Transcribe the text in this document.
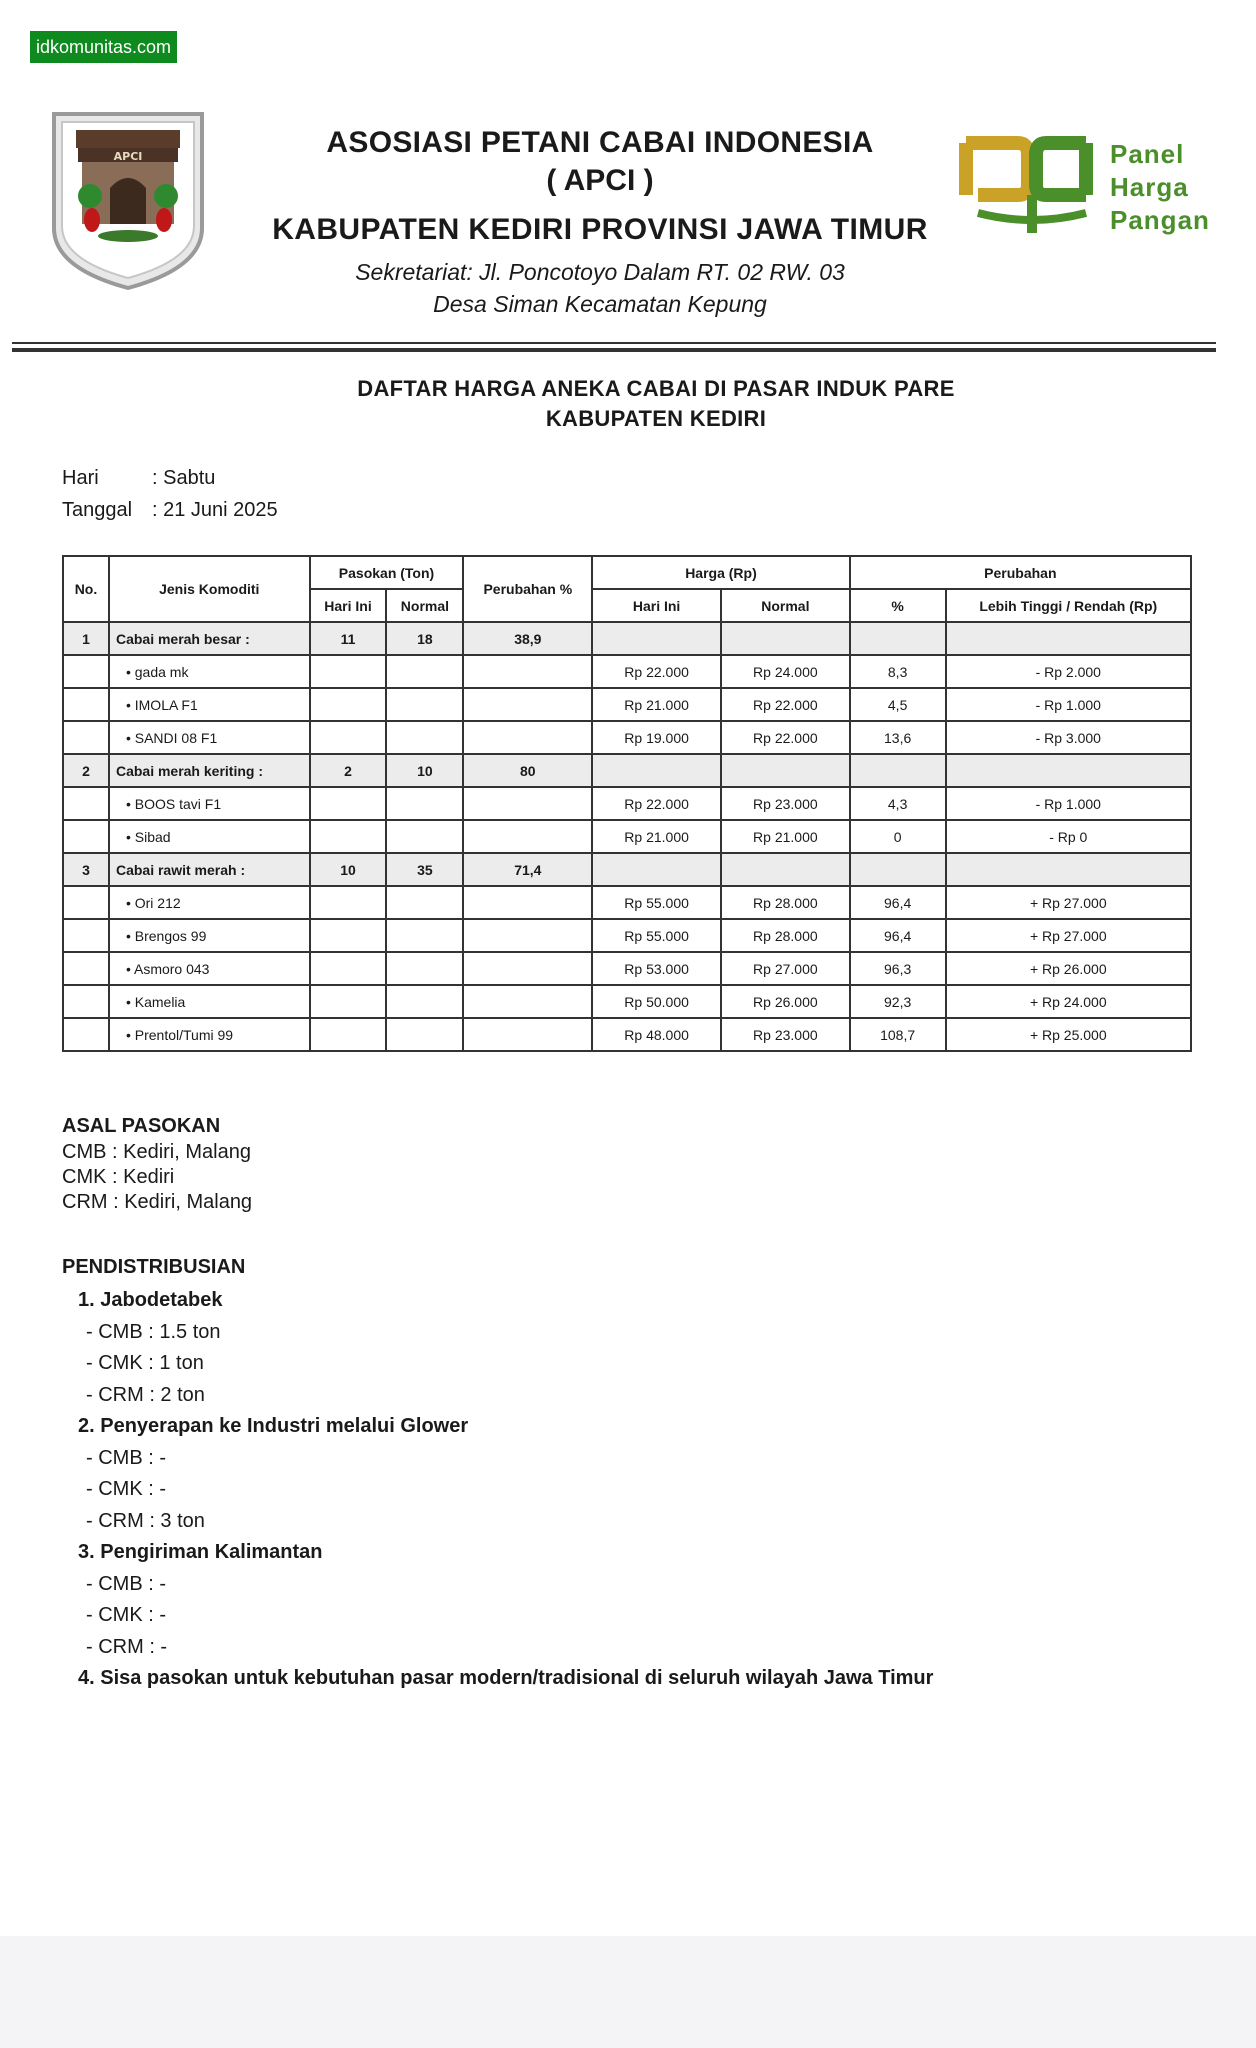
idkomunitas.com
APCI	ASOSIASI PETANI CABAI INDONESIA
( APCI )
KABUPATEN KEDIRI PROVINSI JAWA TIMUR
Sekretariat: Jl. Poncotoyo Dalam RT. 02 RW. 03
Desa Siman Kecamatan Kepung
Panel
Harga
Pangan
DAFTAR HARGA ANEKA CABAI DI PASAR INDUK PARE
KABUPATEN KEDIRI
Hari	: Sabtu
Tanggal : 21 Juni 2025
No.	Jenis Komoditi	Pasokan (Ton)		Perubahan %	Harga (Rp)		Perubahan	
		Hari Ini	Normal		Hari Ini	Normal	%	Lebih Tinggi / Rendah (Rp)
1	Cabai merah besar :	11	18	38,9				
	• gada mk				Rp 22.000	Rp 24.000	8,3	- Rp 2.000
	• IMOLA F1				Rp 21.000	Rp 22.000	4,5	- Rp 1.000
	• SANDI 08 F1				Rp 19.000	Rp 22.000	13,6	- Rp 3.000
2	Cabai merah keriting :	2	10	80				
	• BOOS tavi F1				Rp 22.000	Rp 23.000	4,3	- Rp 1.000
	• Sibad				Rp 21.000	Rp 21.000	0	- Rp 0
3	Cabai rawit merah :	10	35	71,4				
	• Ori 212				Rp 55.000	Rp 28.000	96,4	+ Rp 27.000
	• Brengos 99				Rp 55.000	Rp 28.000	96,4	+ Rp 27.000
	• Asmoro 043				Rp 53.000	Rp 27.000	96,3	+ Rp 26.000
	• Kamelia				Rp 50.000	Rp 26.000	92,3	+ Rp 24.000
	• Prentol/Tumi 99				Rp 48.000	Rp 23.000	108,7	+ Rp 25.000
ASAL PASOKAN
CMB : Kediri, Malang
CMK : Kediri
CRM : Kediri, Malang
PENDISTRIBUSIAN
1. Jabodetabek
- CMB : 1.5 ton
- CMK : 1 ton
- CRM : 2 ton
2. Penyerapan ke Industri melalui Glower
- CMB : -
- CMK : -
- CRM : 3 ton
3. Pengiriman Kalimantan
- CMB : -
- CMK : -
- CRM : -
4. Sisa pasokan untuk kebutuhan pasar modern/tradisional di seluruh wilayah Jawa Timur
